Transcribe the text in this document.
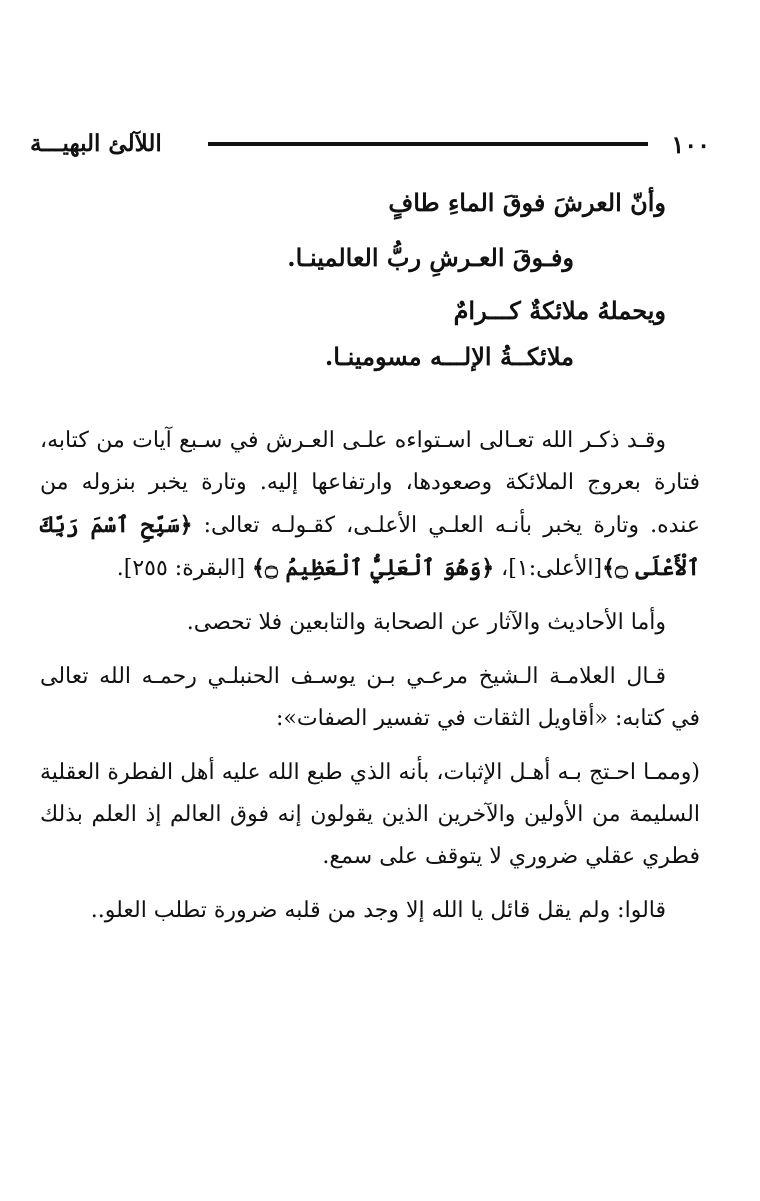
١٠٠
اللآلئ البهيـــة
وأنّ العرشَ فوقَ الماءِ طافٍ
وفـوقَ العـرشِ ربُّ العالمينـا.
ويحملهُ ملائكةٌ كـــرامٌ
ملائكــةُ الإلـــه مسومينـا.

وقـد ذكـر الله تعـالى اسـتواءه علـى العـرش في سـبع آيات من كتابه، فتارة بعروج الملائكة وصعودها، وارتفاعها إليه. وتارة يخبر بنزوله من عنده. وتارة يخبر بأنـه العلـي الأعلـى، كقـولـه تعالى: ﴿سَبِّحِ ٱسْمَ رَبِّكَ ٱلْأَعْلَى ۝﴾[الأعلى:١]، ﴿وَهُوَ ٱلْعَلِيُّ ٱلْعَظِيمُ ۝﴾ [البقرة: ٢٥٥].

وأما الأحاديث والآثار عن الصحابة والتابعين فلا تحصى.

قـال العلامـة الـشيخ مرعـي بـن يوسـف الحنبلـي رحمـه الله تعالى في كتابه: «أقاويل الثقات في تفسير الصفات»:

(وممـا احـتج بـه أهـل الإثبات، بأنه الذي طبع الله عليه أهل الفطرة العقلية السليمة من الأولين والآخرين الذين يقولون إنه فوق العالم إذ العلم بذلك فطري عقلي ضروري لا يتوقف على سمع.

قالوا: ولم يقل قائل يا الله إلا وجد من قلبه ضرورة تطلب العلو..
